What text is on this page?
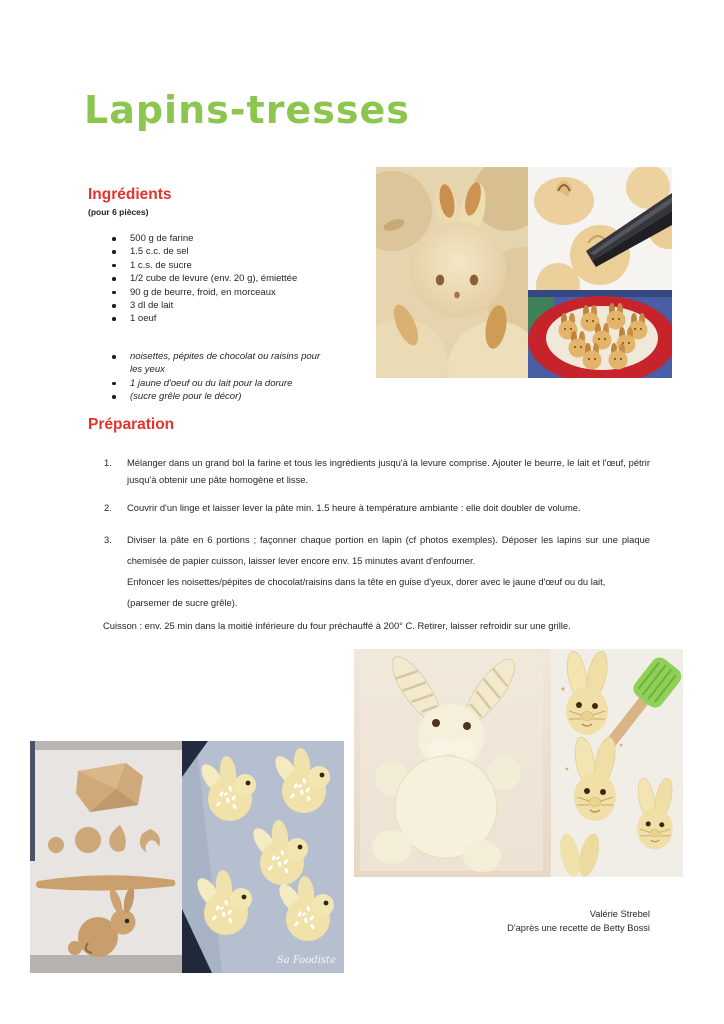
Lapins-tresses
Ingrédients
(pour 6 pièces)
500 g de farine
1.5 c.c. de sel
1 c.s. de sucre
1/2 cube de levure (env. 20 g), émiettée
90 g de beurre, froid, en morceaux
3 dl de lait
1 oeuf
noisettes, pépites de chocolat ou raisins pour les yeux
1 jaune d'oeuf ou du lait pour la dorure
(sucre grêle pour le décor)
Préparation
1.	Mélanger dans un grand bol la farine et tous les ingrédients jusqu'à la levure comprise. Ajouter le beurre, le lait et l'œuf, pétrir jusqu'à obtenir une pâte homogène et lisse.
2.	Couvrir d'un linge et laisser lever la pâte min. 1.5 heure à température ambiante : elle doit doubler de volume.
3.	Diviser la pâte en 6 portions ; façonner chaque portion en lapin (cf photos exemples). Déposer les lapins sur une plaque chemisée de papier cuisson, laisser lever encore env. 15 minutes avant d'enfourner.
Enfoncer les noisettes/pépites de chocolat/raisins dans la tête en guise d'yeux, dorer avec le jaune d'œuf ou du lait, (parsemer de sucre grêle).

Cuisson : env. 25 min dans la moitié inférieure du four préchauffé à 200° C. Retirer, laisser refroidir sur une grille.

Sa Foodiste
Valérie Strebel
D'après une recette de Betty Bossi
